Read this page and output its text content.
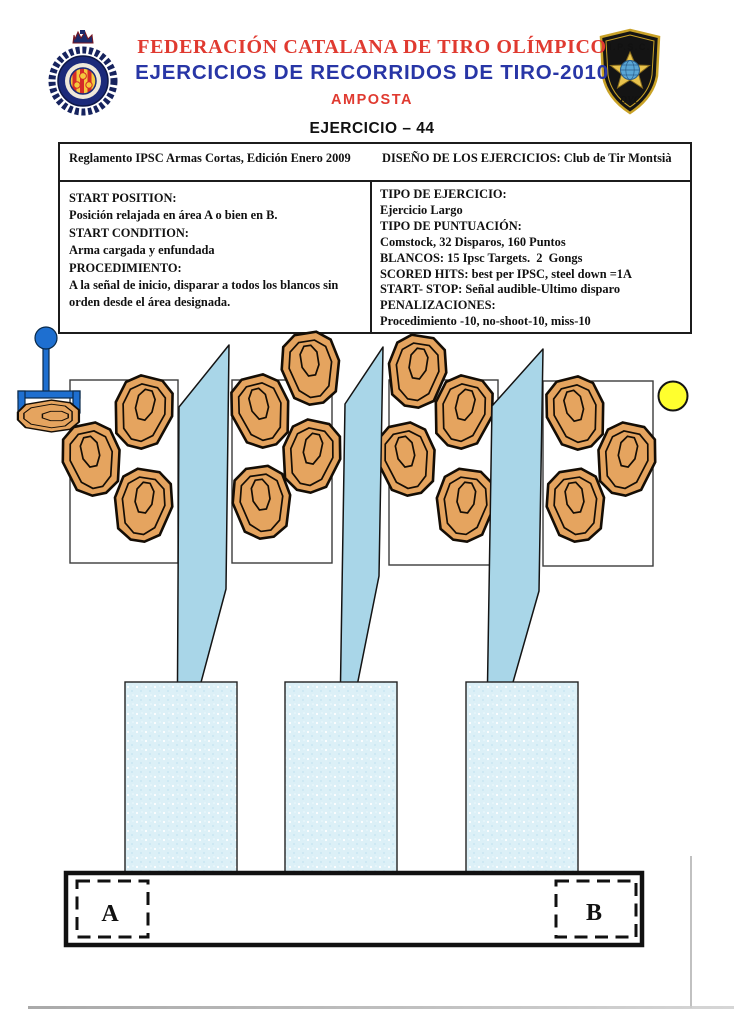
I.P.S.C.
DVC
FEDERACIÓN CATALANA DE TIRO OLÍMPICO
EJERCICIOS DE RECORRIDOS DE TIRO-2010
AMPOSTA
EJERCICIO – 44
Reglamento IPSC Armas Cortas, Edición Enero 2009	DISEÑO DE LOS EJERCICIOS: Club de Tir Montsià
START POSITION:
Posición relajada en área A o bien en B.
START CONDITION:
Arma cargada y enfundada
PROCEDIMIENTO:
A la señal de inicio, disparar a todos los blancos sin orden desde el área designada.
TIPO DE EJERCICIO:
Ejercicio Largo
TIPO DE PUNTUACIÓN:
Comstock, 32 Disparos, 160 Puntos
BLANCOS: 15 Ipsc Targets.  2  Gongs
SCORED HITS: best per IPSC, steel down =1A
START- STOP: Señal audible-Ultimo disparo
PENALIZACIONES:
Procedimiento -10, no-shoot-10, miss-10
A	B
